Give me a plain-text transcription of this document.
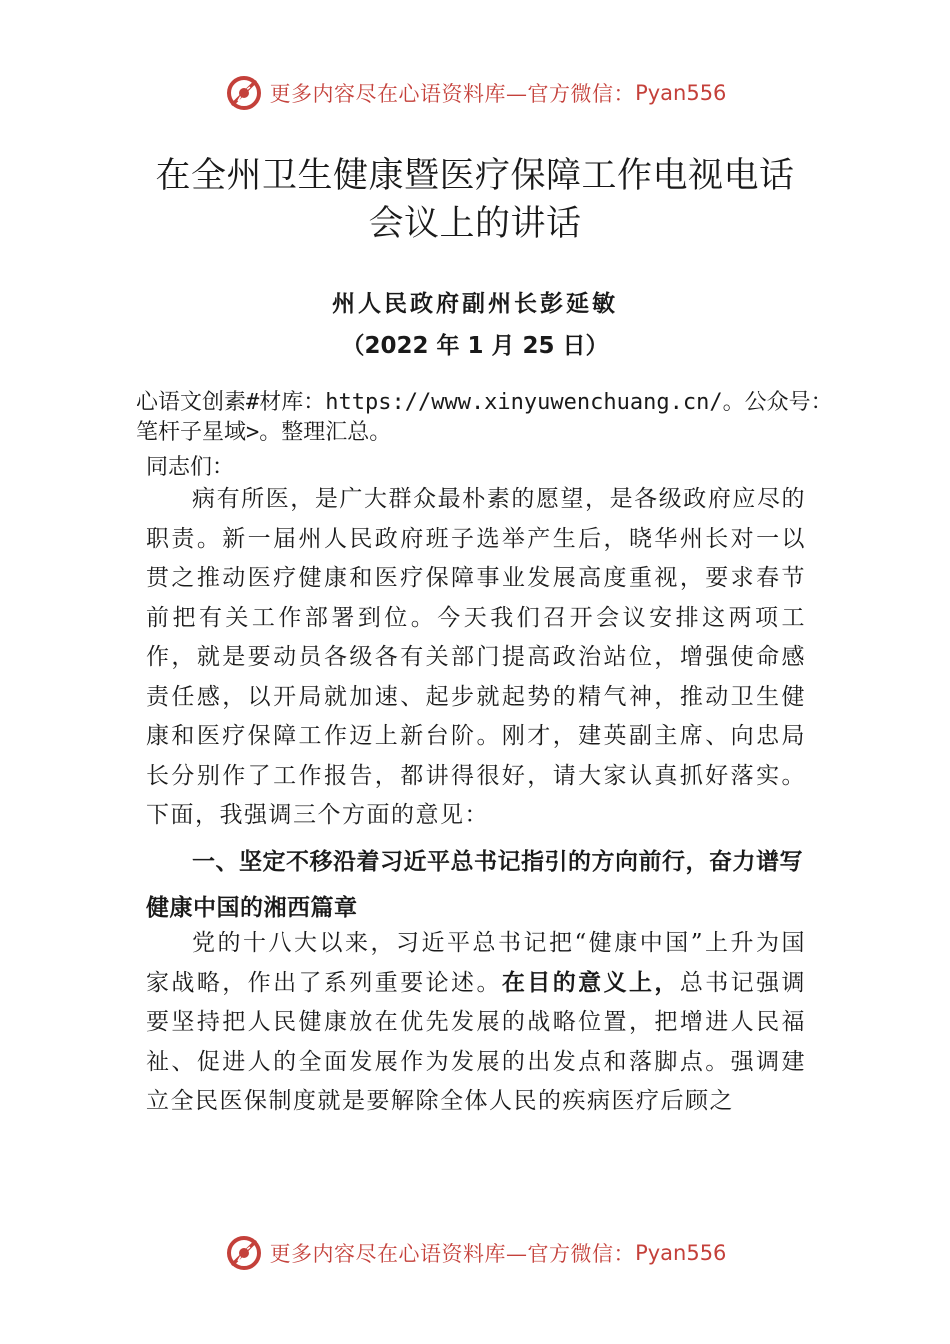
更多内容尽在心语资料库—官方微信： Pyan556
在全州卫生健康暨医疗保障工作电视电话
会议上的讲话
州人民政府副州长彭延敏
（2022 年 1 月 25 日）
心语文创素#材库：https://www.xinyuwenchuang.cn/。公众号：
笔杆子星域>。整理汇总。
同志们：
病有所医，是广大群众最朴素的愿望，是各级政府应尽的职责。新一届州人民政府班子选举产生后，晓华州长对一以贯之推动医疗健康和医疗保障事业发展高度重视，要求春节前把有关工作部署到位。今天我们召开会议安排这两项工作，就是要动员各级各有关部门提高政治站位，增强使命感责任感，以开局就加速、起步就起势的精气神，推动卫生健康和医疗保障工作迈上新台阶。刚才，建英副主席、向忠局长分别作了工作报告，都讲得很好，请大家认真抓好落实。下面，我强调三个方面的意见：
一、坚定不移沿着习近平总书记指引的方向前行，奋力谱写健康中国的湘西篇章
党的十八大以来，习近平总书记把“健康中国”上升为国家战略，作出了系列重要论述。在目的意义上，总书记强调要坚持把人民健康放在优先发展的战略位置，把增进人民福祉、促进人的全面发展作为发展的出发点和落脚点。强调建立全民医保制度就是要解除全体人民的疾病医疗后顾之
更多内容尽在心语资料库—官方微信： Pyan556
